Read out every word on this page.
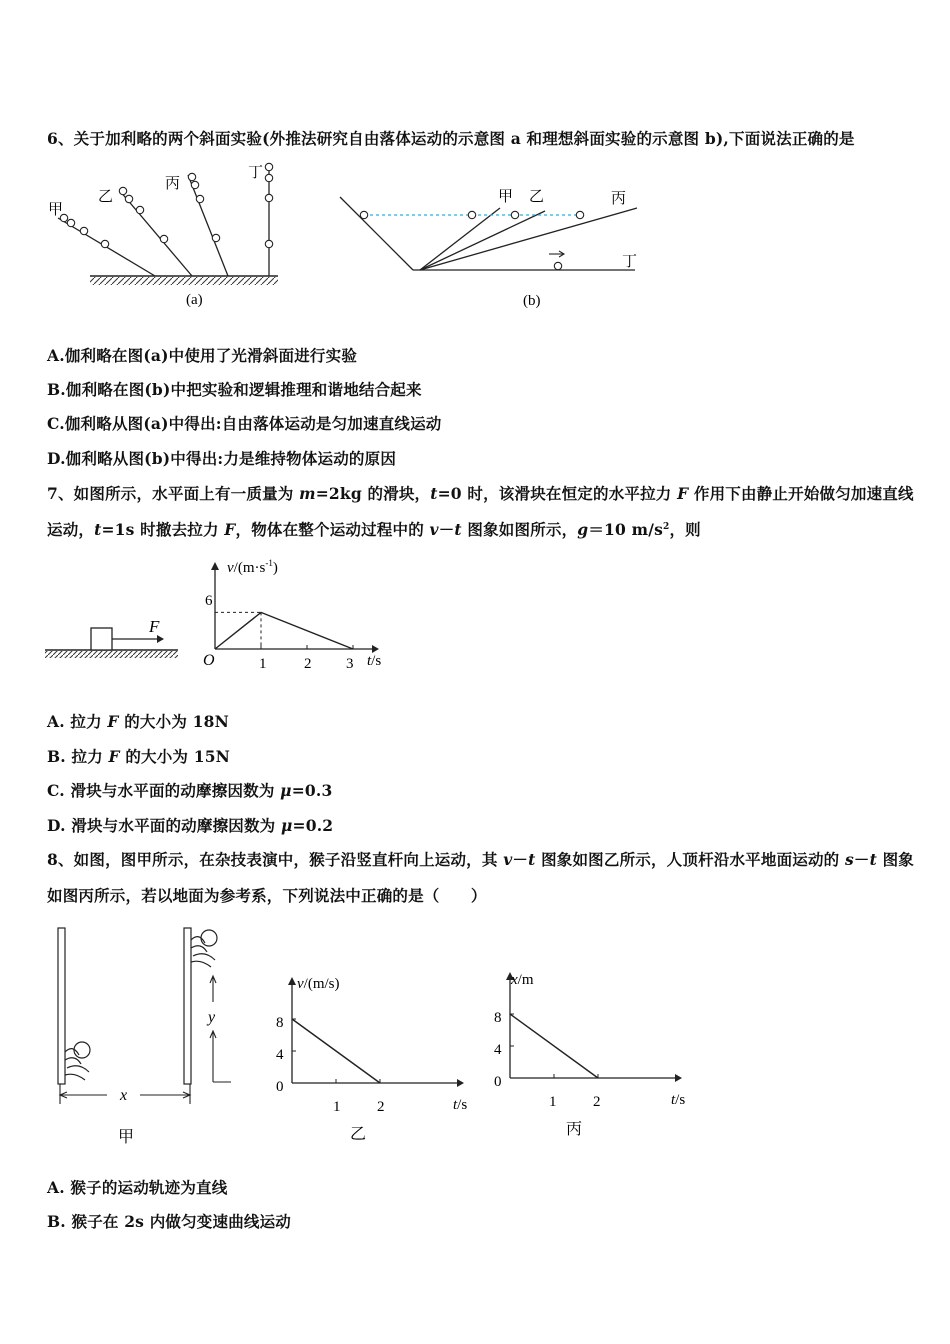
6、关于加利略的两个斜面实验(外推法研究自由落体运动的示意图 a 和理想斜面实验的示意图 b),下面说法正确的是
甲
乙
丙
丁
(a)
甲 乙	丙
丁
(b)
A.伽利略在图(a)中使用了光滑斜面进行实验
B.伽利略在图(b)中把实验和逻辑推理和谐地结合起来
C.伽利略从图(a)中得出:自由落体运动是匀加速直线运动
D.伽利略从图(b)中得出:力是维持物体运动的原因
7、如图所示，水平面上有一质量为 m=2kg 的滑块，t=0 时，该滑块在恒定的水平拉力 F 作用下由静止开始做匀加速直线
运动，t=1s 时撤去拉力 F，物体在整个运动过程中的 v－t 图象如图所示，g＝10 $m/s^2$，则
F
$v/(m\cdot s^{-1})$
O
6
1	2 3 t/s
A. 拉力 F 的大小为 18N
B. 拉力 F 的大小为 15N
C. 滑块与水平面的动摩擦因数为 μ=0.3
D. 滑块与水平面的动摩擦因数为 μ=0.2
8、如图，图甲所示，在杂技表演中，猴子沿竖直杆向上运动，其 v－t 图象如图乙所示，人顶杆沿水平地面运动的 s－t 图象
如图丙所示，若以地面为参考系，下列说法中正确的是（　　）
y
x
甲
v/(m/s)
8
4
0
1 2	t/s
乙
x/m
8
4
0
1 2	t/s
丙
A. 猴子的运动轨迹为直线
B. 猴子在 2s 内做匀变速曲线运动
